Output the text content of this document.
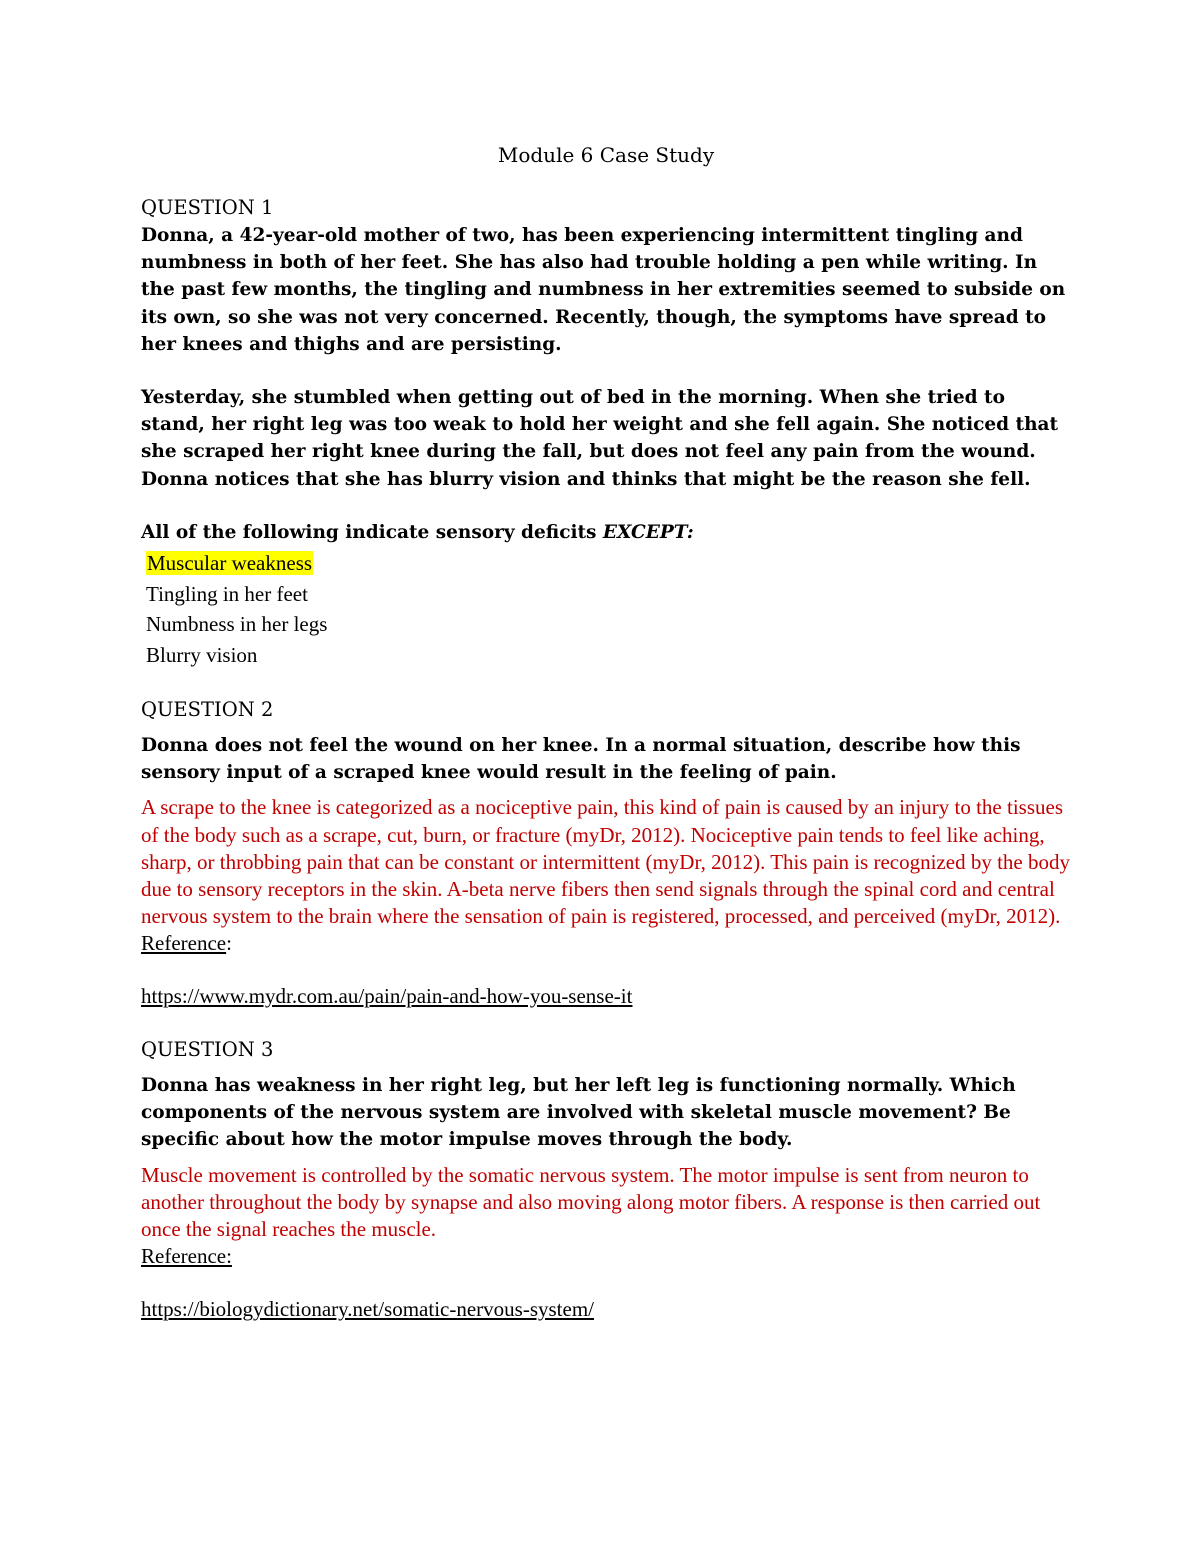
Module 6 Case Study

QUESTION 1

Donna, a 42-year-old mother of two, has been experiencing intermittent tingling and numbness in both of her feet. She has also had trouble holding a pen while writing. In the past few months, the tingling and numbness in her extremities seemed to subside on its own, so she was not very concerned. Recently, though, the symptoms have spread to her knees and thighs and are persisting.

Yesterday, she stumbled when getting out of bed in the morning. When she tried to stand, her right leg was too weak to hold her weight and she fell again. She noticed that she scraped her right knee during the fall, but does not feel any pain from the wound. Donna notices that she has blurry vision and thinks that might be the reason she fell.

All of the following indicate sensory deficits EXCEPT:

Muscular weakness
Tingling in her feet
Numbness in her legs
Blurry vision

QUESTION 2

Donna does not feel the wound on her knee. In a normal situation, describe how this sensory input of a scraped knee would result in the feeling of pain.

A scrape to the knee is categorized as a nociceptive pain, this kind of pain is caused by an injury to the tissues of the body such as a scrape, cut, burn, or fracture (myDr, 2012). Nociceptive pain tends to feel like aching, sharp, or throbbing pain that can be constant or intermittent (myDr, 2012). This pain is recognized by the body due to sensory receptors in the skin. A-beta nerve fibers then send signals through the spinal cord and central nervous system to the brain where the sensation of pain is registered, processed, and perceived (myDr, 2012).

Reference:

https://www.mydr.com.au/pain/pain-and-how-you-sense-it

QUESTION 3

Donna has weakness in her right leg, but her left leg is functioning normally. Which components of the nervous system are involved with skeletal muscle movement? Be specific about how the motor impulse moves through the body.

Muscle movement is controlled by the somatic nervous system. The motor impulse is sent from neuron to another throughout the body by synapse and also moving along motor fibers. A response is then carried out once the signal reaches the muscle.

Reference:

https://biologydictionary.net/somatic-nervous-system/
